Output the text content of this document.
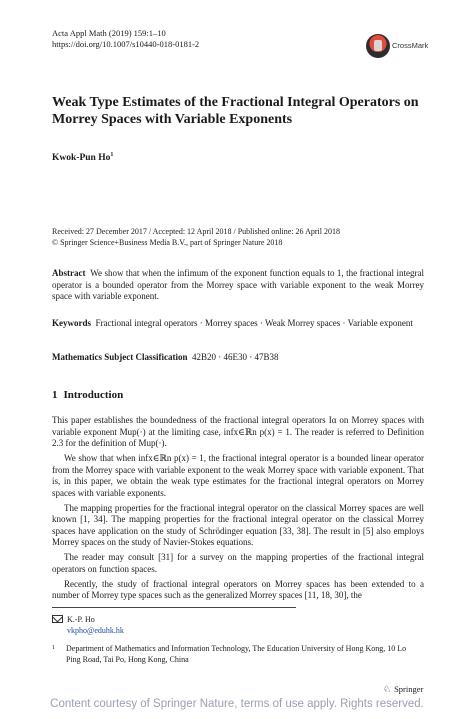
Acta Appl Math (2019) 159:1–10
https://doi.org/10.1007/s10440-018-0181-2	CrossMark
Weak Type Estimates of the Fractional Integral Operators on Morrey Spaces with Variable Exponents
Kwok-Pun Ho$^1$
Received: 27 December 2017 / Accepted: 12 April 2018 / Published online: 26 April 2018
© Springer Science+Business Media B.V., part of Springer Nature 2018
Abstract We show that when the infimum of the exponent function equals to 1, the fractional integral operator is a bounded operator from the Morrey space with variable exponent to the weak Morrey space with variable exponent.
Keywords Fractional integral operators · Morrey spaces · Weak Morrey spaces · Variable exponent
Mathematics Subject Classification 42B20 · 46E30 · 47B38
1 Introduction

This paper establishes the boundedness of the fractional integral operators Iα on Morrey spaces with variable exponent Mup(·) at the limiting case, infx∈ℝn p(x) = 1. The reader is referred to Definition 2.3 for the definition of Mup(·).

We show that when infx∈ℝn p(x) = 1, the fractional integral operator is a bounded linear operator from the Morrey space with variable exponent to the weak Morrey space with variable exponent. That is, in this paper, we obtain the weak type estimates for the fractional integral operators on Morrey spaces with variable exponents.

The mapping properties for the fractional integral operator on the classical Morrey spaces are well known [1, 34]. The mapping properties for the fractional integral operator on the classical Morrey spaces have application on the study of Schrödinger equation [33, 38]. The result in [5] also employs Morrey spaces on the study of Navier-Stokes equations.

The reader may consult [31] for a survey on the mapping properties of the fractional integral operators on function spaces.

Recently, the study of fractional integral operators on Morrey spaces has been extended to a number of Morrey type spaces such as the generalized Morrey spaces [11, 18, 30], the

K.-P. Ho
vkpho@eduhk.hk
1 Department of Mathematics and Information Technology, The Education University of Hong Kong, 10 Lo Ping Road, Tai Po, Hong Kong, China
♘ Springer
Content courtesy of Springer Nature, terms of use apply. Rights reserved.
